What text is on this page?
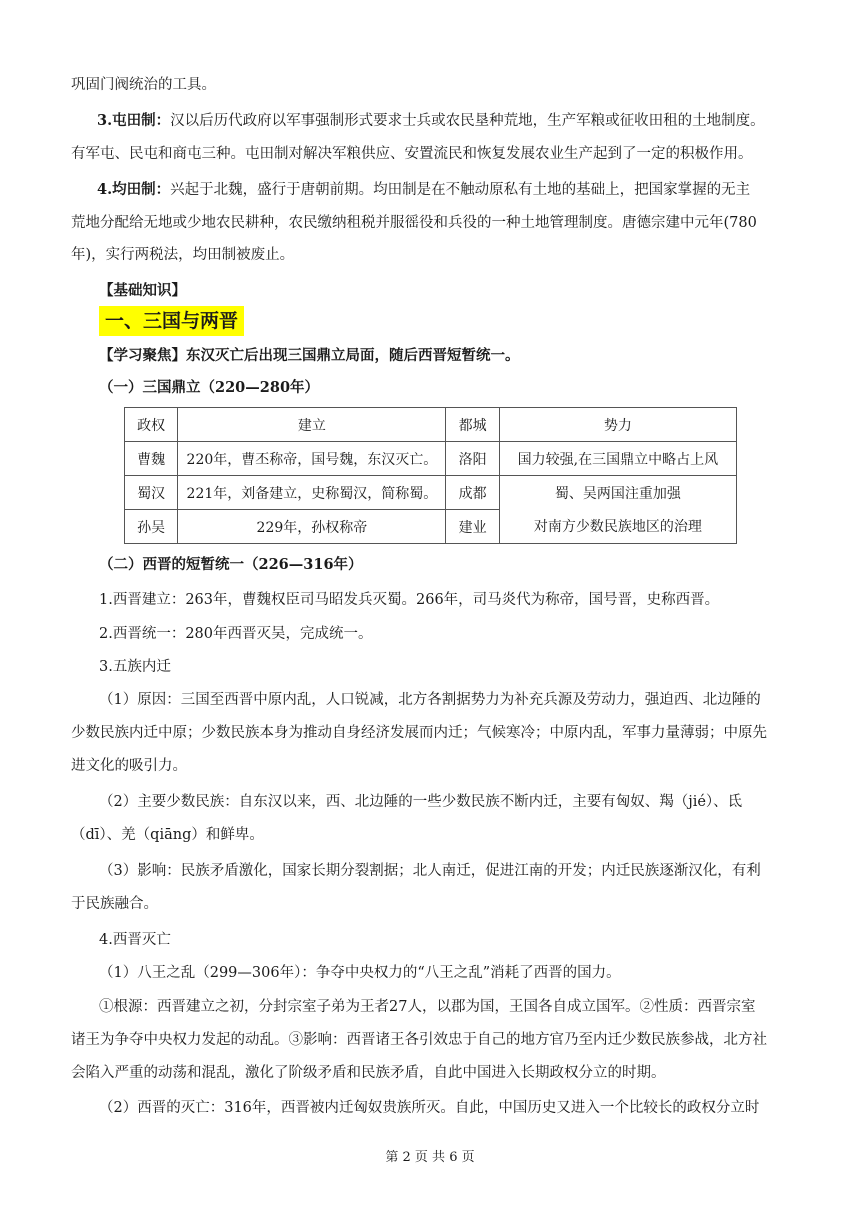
巩固门阀统治的工具。
3.屯田制：汉以后历代政府以军事强制形式要求士兵或农民垦种荒地，生产军粮或征收田租的土地制度。
有军屯、民屯和商屯三种。屯田制对解决军粮供应、安置流民和恢复发展农业生产起到了一定的积极作用。
4.均田制：兴起于北魏，盛行于唐朝前期。均田制是在不触动原私有土地的基础上，把国家掌握的无主
荒地分配给无地或少地农民耕种，农民缴纳租税并服徭役和兵役的一种土地管理制度。唐德宗建中元年(780
年)，实行两税法，均田制被废止。
【基础知识】
一、三国与两晋
【学习聚焦】东汉灭亡后出现三国鼎立局面，随后西晋短暂统一。
（一）三国鼎立（220—280年）
政权	建立	都城	势力
曹魏	220年，曹丕称帝，国号魏，东汉灭亡。	洛阳	国力较强,在三国鼎立中略占上风
蜀汉	221年，刘备建立，史称蜀汉，简称蜀。	成都	蜀、吴两国注重加强
孙吴	229年，孙权称帝	建业	对南方少数民族地区的治理
（二）西晋的短暂统一（226—316年）
1.西晋建立：263年，曹魏权臣司马昭发兵灭蜀。266年，司马炎代为称帝，国号晋，史称西晋。
2.西晋统一：280年西晋灭吴，完成统一。
3.五族内迁
（1）原因：三国至西晋中原内乱，人口锐减，北方各割据势力为补充兵源及劳动力，强迫西、北边陲的
少数民族内迁中原；少数民族本身为推动自身经济发展而内迁；气候寒冷；中原内乱，军事力量薄弱；中原先
进文化的吸引力。
（2）主要少数民族：自东汉以来，西、北边陲的一些少数民族不断内迁，主要有匈奴、羯（jié）、氐
（dī）、羌（qiāng）和鲜卑。
（3）影响：民族矛盾激化，国家长期分裂割据；北人南迁，促进江南的开发；内迁民族逐渐汉化，有利
于民族融合。
4.西晋灭亡
（1）八王之乱（299—306年）：争夺中央权力的“八王之乱”消耗了西晋的国力。
①根源：西晋建立之初，分封宗室子弟为王者27人，以郡为国，王国各自成立国军。②性质：西晋宗室
诸王为争夺中央权力发起的动乱。③影响：西晋诸王各引效忠于自己的地方官乃至内迁少数民族参战，北方社
会陷入严重的动荡和混乱，激化了阶级矛盾和民族矛盾，自此中国进入长期政权分立的时期。
（2）西晋的灭亡：316年，西晋被内迁匈奴贵族所灭。自此，中国历史又进入一个比较长的政权分立时
第 2 页 共 6 页
